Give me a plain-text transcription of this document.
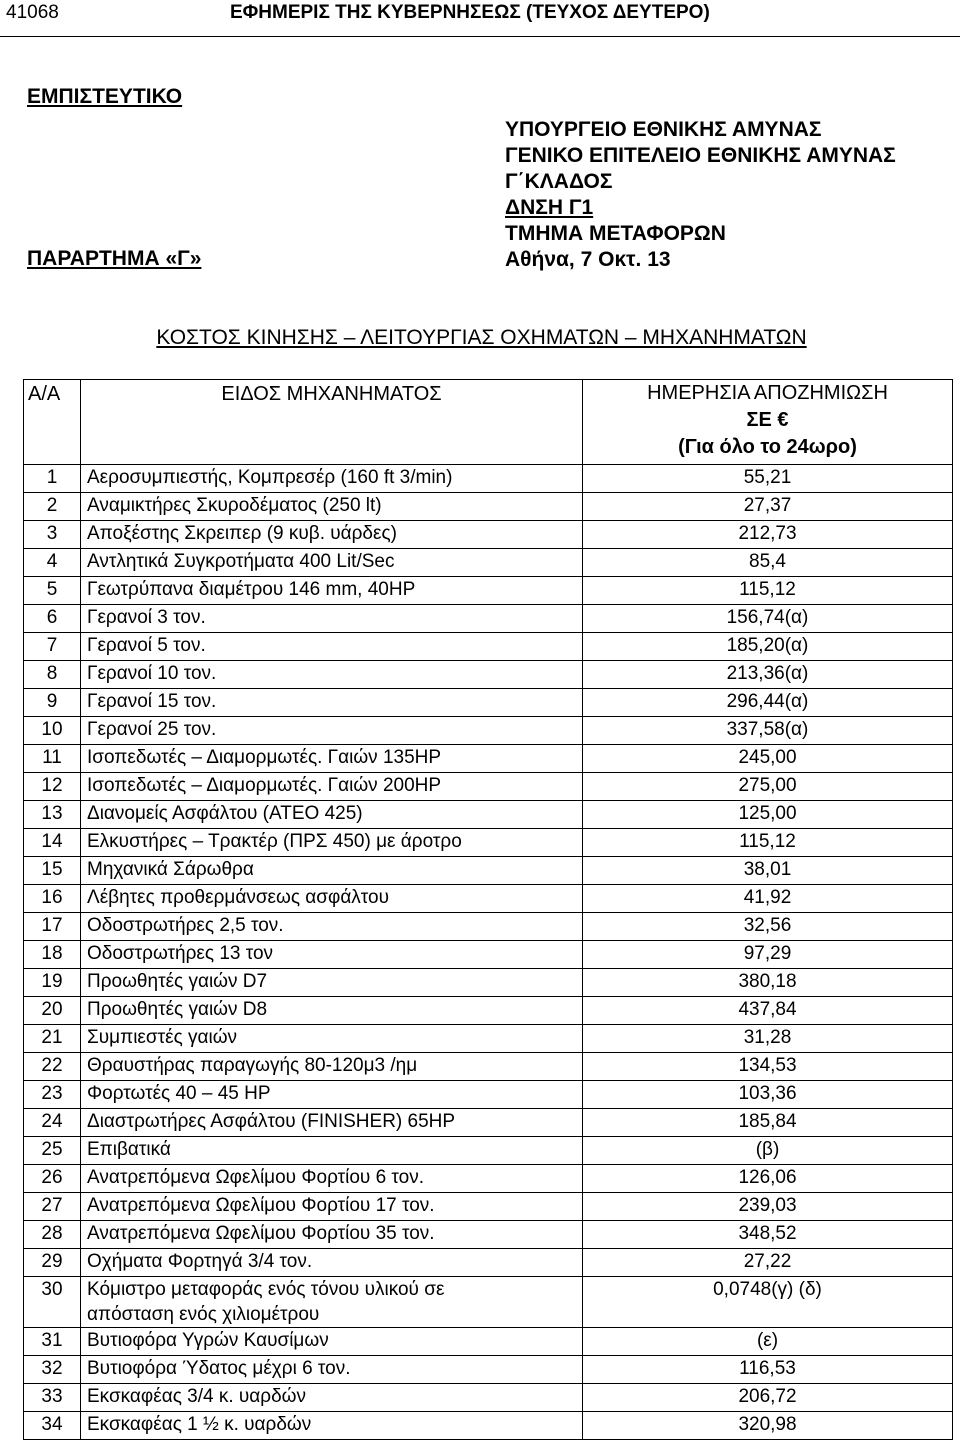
41068	ΕΦΗΜΕΡΙΣ ΤΗΣ ΚΥΒΕΡΝΗΣΕΩΣ (ΤΕΥΧΟΣ ΔΕΥΤΕΡΟ)
ΕΜΠΙΣΤΕΥΤΙΚΟ
ΥΠΟΥΡΓΕΙΟ ΕΘΝΙΚΗΣ ΑΜΥΝΑΣ
ΓΕΝΙΚΟ ΕΠΙΤΕΛΕΙΟ ΕΘΝΙΚΗΣ ΑΜΥΝΑΣ
Γ΄ΚΛΑΔΟΣ
ΔΝΣΗ Γ1
ΤΜΗΜΑ ΜΕΤΑΦΟΡΩΝ
Αθήνα, 7 Οκτ. 13
ΠΑΡΑΡΤΗΜΑ «Γ»
ΚΟΣΤΟΣ ΚΙΝΗΣΗΣ – ΛΕΙΤΟΥΡΓΙΑΣ ΟΧΗΜΑΤΩΝ – ΜΗΧΑΝΗΜΑΤΩΝ
Α/Α	ΕΙΔΟΣ ΜΗΧΑΝΗΜΑΤΟΣ	ΗΜΕΡΗΣΙΑ ΑΠΟΖΗΜΙΩΣΗ
ΣΕ €
(Για όλο το 24ωρο)

1	Αεροσυμπιεστής, Κομπρεσέρ (160 ft 3/min)	55,21
2	Αναμικτήρες Σκυροδέματος (250 lt)	27,37
3	Αποξέστης Σκρειπερ (9 κυβ. υάρδες)	212,73
4	Αντλητικά Συγκροτήματα 400 Lit/Sec	85,4
5	Γεωτρύπανα διαμέτρου 146 mm, 40HP	115,12
6	Γερανοί 3 τον.	156,74(α)
7	Γερανοί 5 τον.	185,20(α)
8	Γερανοί 10 τον.	213,36(α)
9	Γερανοί 15 τον.	296,44(α)
10	Γερανοί 25 τον.	337,58(α)
11	Ισοπεδωτές – Διαμορμωτές. Γαιών 135HP	245,00
12	Ισοπεδωτές – Διαμορμωτές. Γαιών 200HP	275,00
13	Διανομείς Ασφάλτου (ΑΤΕΟ 425)	125,00
14	Ελκυστήρες – Τρακτέρ (ΠΡΣ 450) με άροτρο	115,12
15	Μηχανικά Σάρωθρα	38,01
16	Λέβητες προθερμάνσεως ασφάλτου	41,92
17	Οδοστρωτήρες 2,5 τον.	32,56
18	Οδοστρωτήρες 13 τον	97,29
19	Προωθητές γαιών D7	380,18
20	Προωθητές γαιών D8	437,84
21	Συμπιεστές γαιών	31,28
22	Θραυστήρας παραγωγής 80-120μ3 /ημ	134,53
23	Φορτωτές 40 – 45 HP	103,36
24	Διαστρωτήρες Ασφάλτου (FINISHER) 65HP	185,84
25	Επιβατικά	(β)
26	Ανατρεπόμενα Ωφελίμου Φορτίου 6 τον.	126,06
27	Ανατρεπόμενα Ωφελίμου Φορτίου 17 τον.	239,03
28	Ανατρεπόμενα Ωφελίμου Φορτίου 35 τον.	348,52
29	Οχήματα Φορτηγά 3/4 τον.	27,22
30	Κόμιστρο μεταφοράς ενός τόνου υλικού σε
απόσταση ενός χιλιομέτρου	0,0748(γ) (δ)
31	Βυτιοφόρα Υγρών Καυσίμων	(ε)
32	Βυτιοφόρα Ύδατος μέχρι 6 τον.	116,53
33	Εκσκαφέας 3/4 κ. υαρδών	206,72
34	Εκσκαφέας 1 ½ κ. υαρδών	320,98
